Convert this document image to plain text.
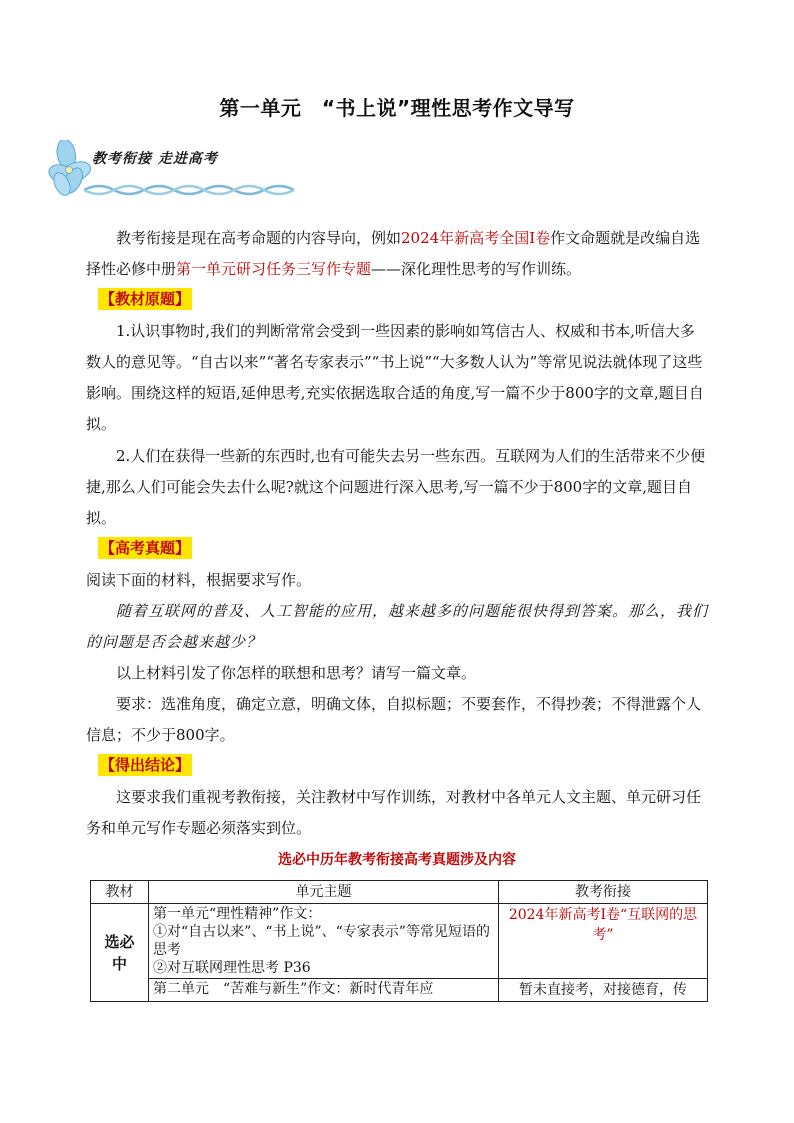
第一单元　“书上说”理性思考作文导写
教考衔接 走进高考

教考衔接是现在高考命题的内容导向，例如2024年新高考全国Ⅰ卷作文命题就是改编自选择性必修中册第一单元研习任务三写作专题——深化理性思考的写作训练。

【教材原题】

1.认识事物时,我们的判断常常会受到一些因素的影响如笃信古人、权威和书本,听信大多数人的意见等。“自古以来”“著名专家表示”“书上说”“大多数人认为”等常见说法就体现了这些影响。围绕这样的短语,延伸思考,充实依据选取合适的角度,写一篇不少于800字的文章,题目自拟。

2.人们在获得一些新的东西时,也有可能失去另一些东西。互联网为人们的生活带来不少便捷,那么人们可能会失去什么呢?就这个问题进行深入思考,写一篇不少于800字的文章,题目自拟。

【高考真题】

阅读下面的材料，根据要求写作。

随着互联网的普及、人工智能的应用，越来越多的问题能很快得到答案。那么，我们的问题是否会越来越少？

以上材料引发了你怎样的联想和思考？请写一篇文章。

要求：选准角度，确定立意，明确文体，自拟标题；不要套作，不得抄袭；不得泄露个人信息；不少于800字。

【得出结论】

这要求我们重视考教衔接，关注教材中写作训练，对教材中各单元人文主题、单元研习任务和单元写作专题必须落实到位。

选必中历年教考衔接高考真题涉及内容
教材	单元主题	教考衔接
选必中	第一单元“理性精神”作文：
①对“自古以来”、“书上说”、“专家表示”等常见短语的思考
②对互联网理性思考 P36	2024年新高考Ⅰ卷“互联网的思考”

	第二单元　“苦难与新生”作文：新时代青年应	暂未直接考，对接德育，传
